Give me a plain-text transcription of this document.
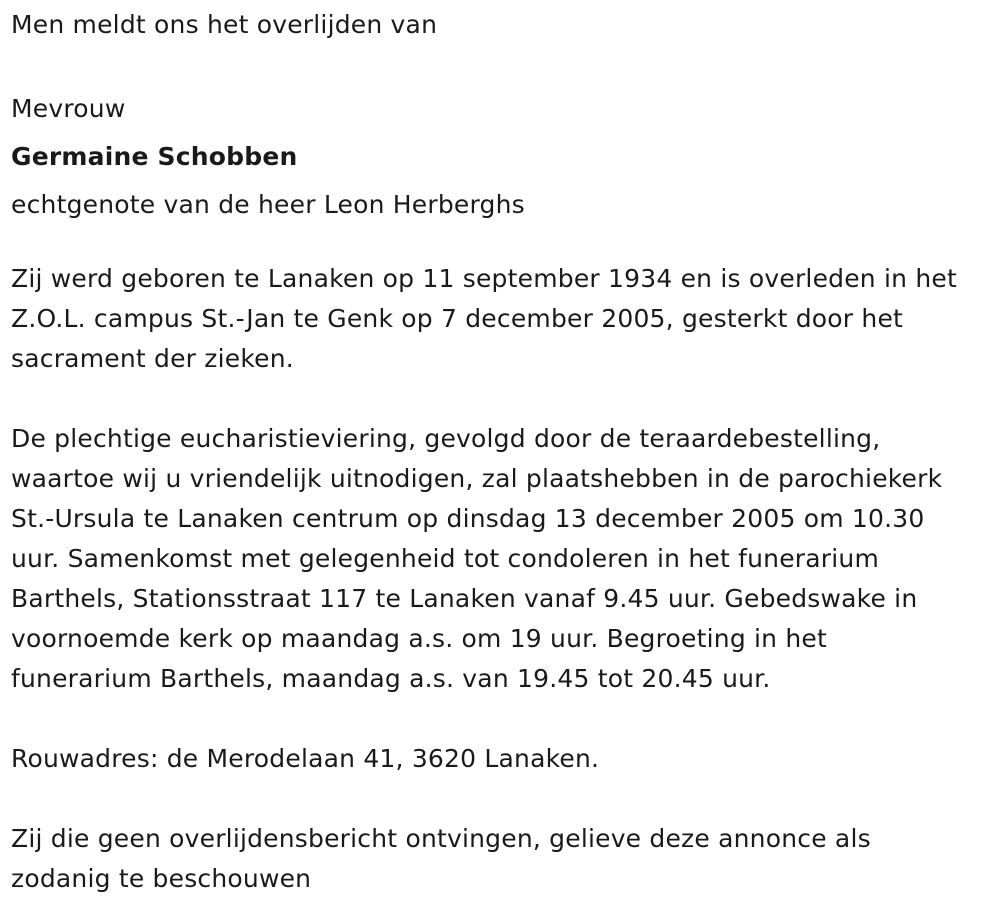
Men meldt ons het overlijden van

Mevrouw

Germaine Schobben

echtgenote van de heer Leon Herberghs

Zij werd geboren te Lanaken op 11 september 1934 en is overleden in het

Z.O.L. campus St.-Jan te Genk op 7 december 2005, gesterkt door het

sacrament der zieken.

De plechtige eucharistieviering, gevolgd door de teraardebestelling,

waartoe wij u vriendelijk uitnodigen, zal plaatshebben in de parochiekerk

St.-Ursula te Lanaken centrum op dinsdag 13 december 2005 om 10.30

uur. Samenkomst met gelegenheid tot condoleren in het funerarium

Barthels, Stationsstraat 117 te Lanaken vanaf 9.45 uur. Gebedswake in

voornoemde kerk op maandag a.s. om 19 uur. Begroeting in het

funerarium Barthels, maandag a.s. van 19.45 tot 20.45 uur.

Rouwadres: de Merodelaan 41, 3620 Lanaken.

Zij die geen overlijdensbericht ontvingen, gelieve deze annonce als

zodanig te beschouwen
